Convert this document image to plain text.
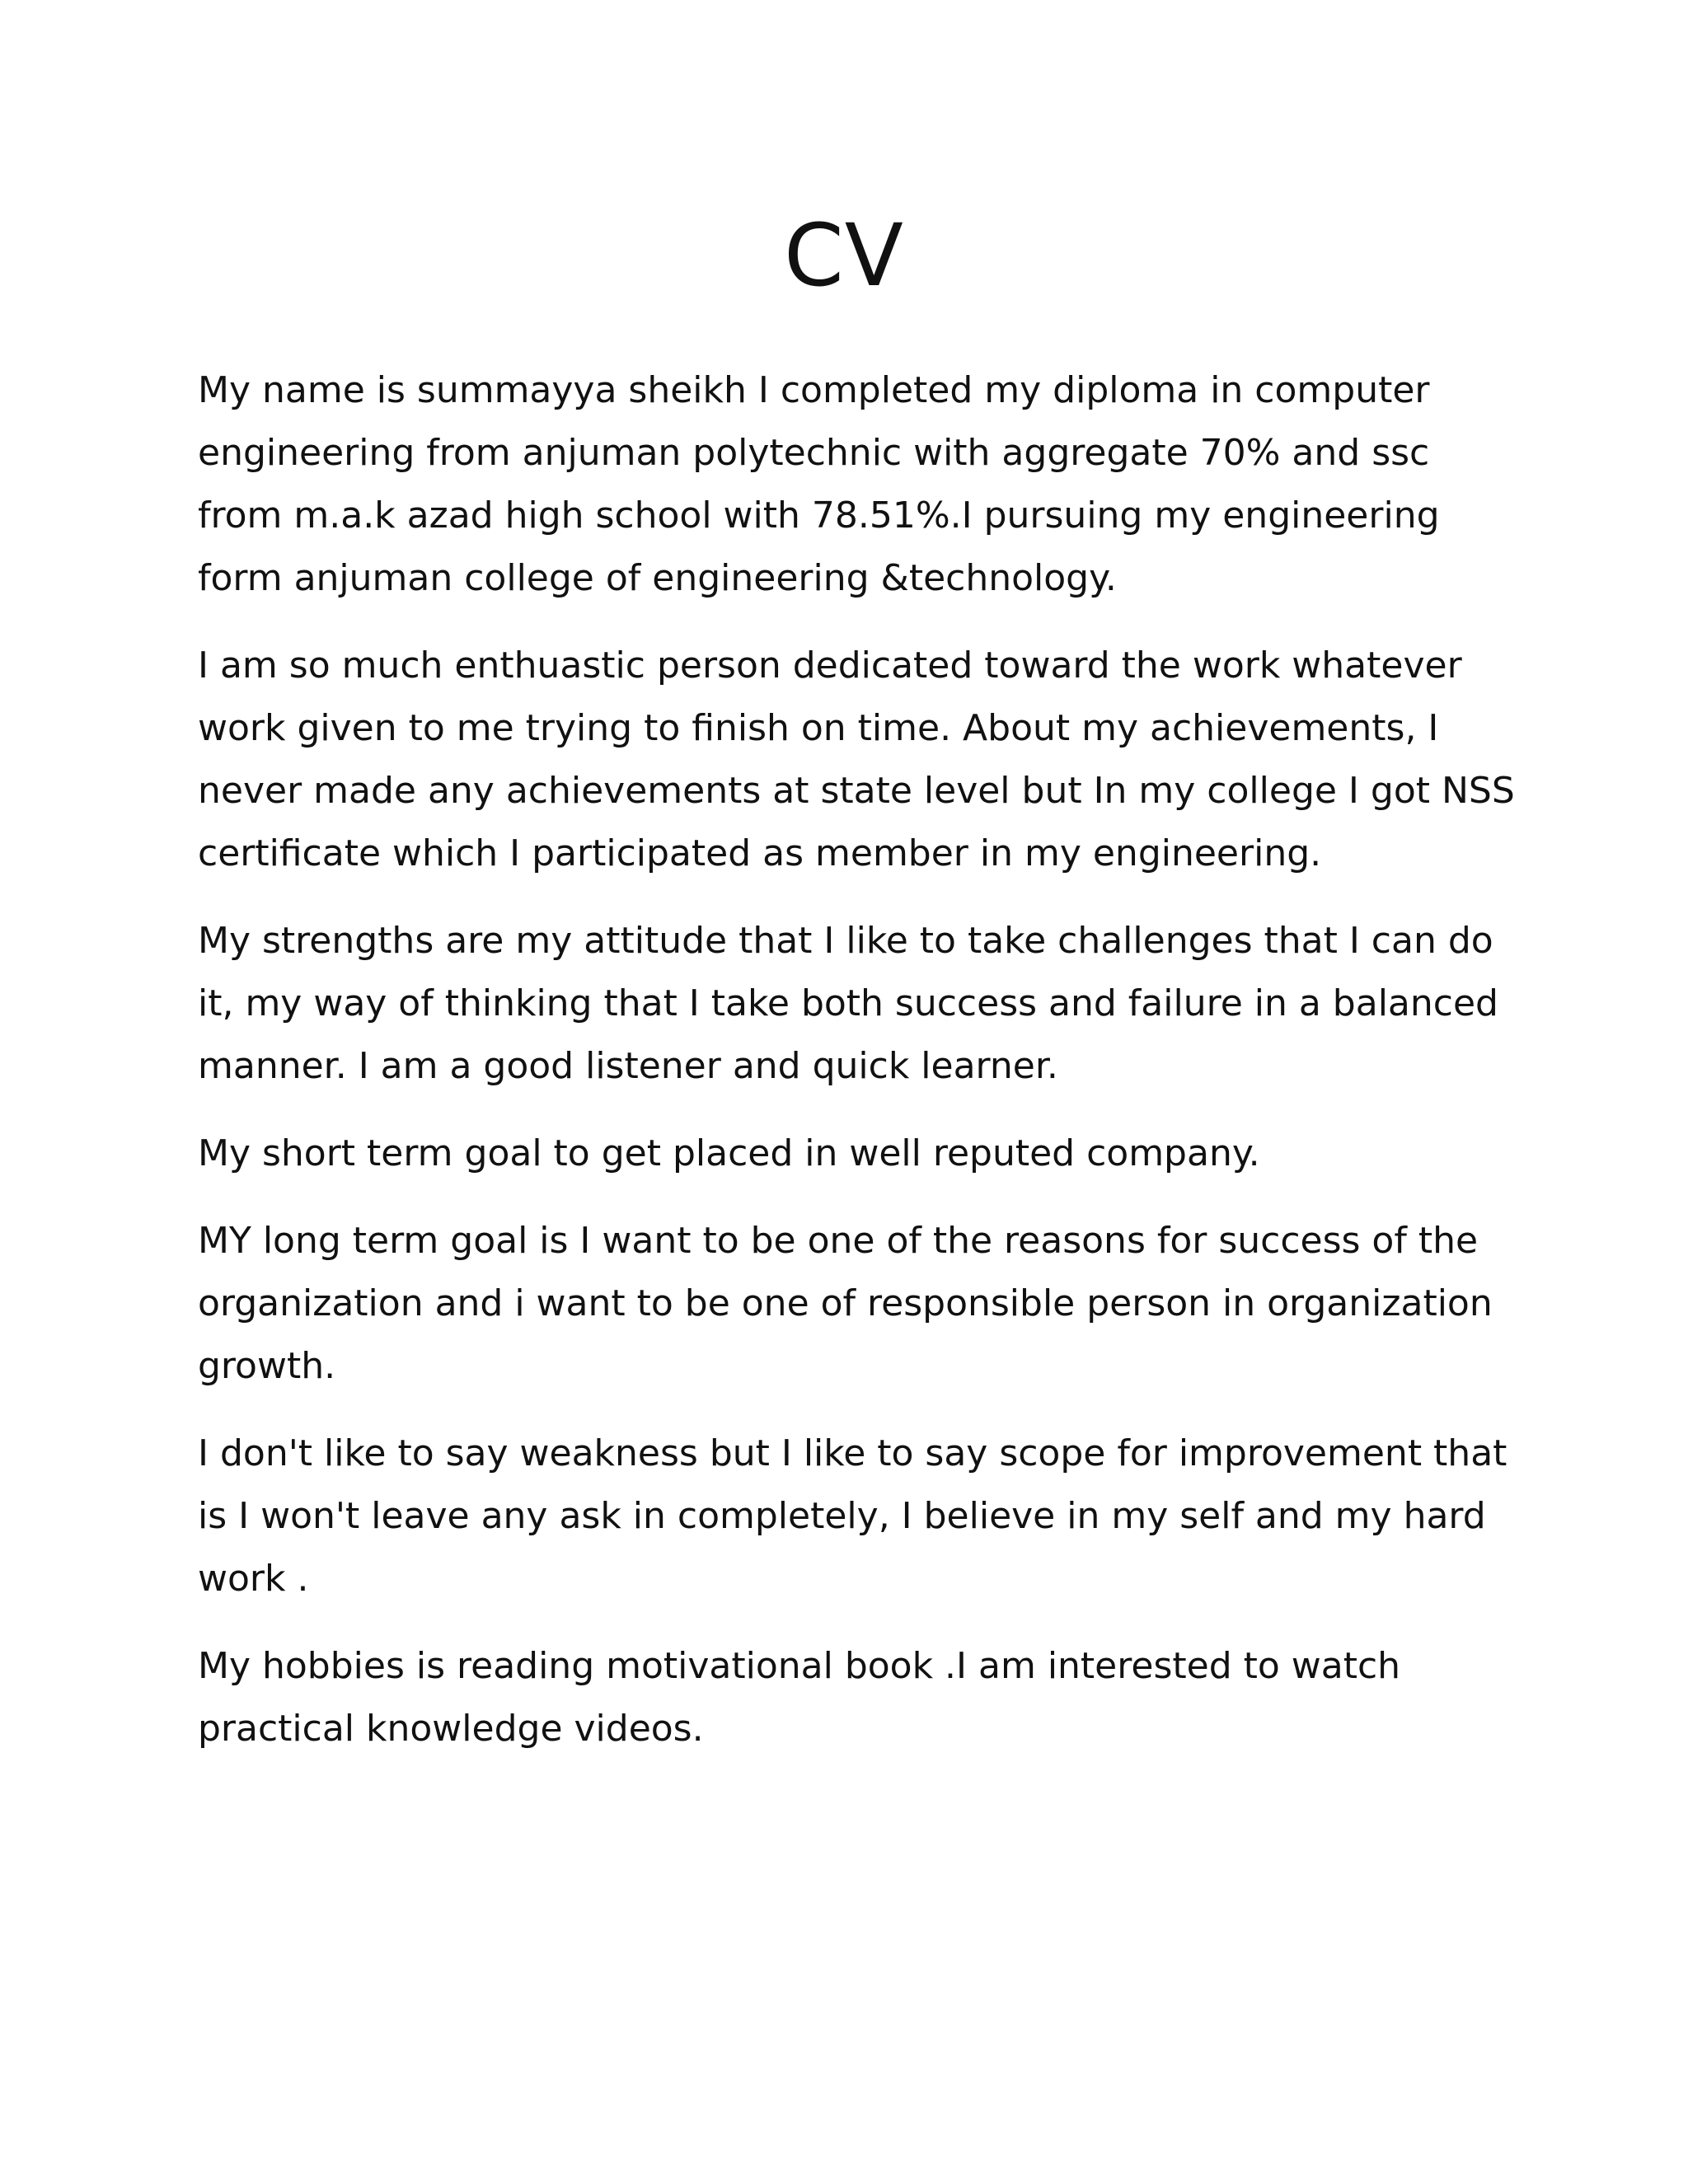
CV

My name is summayya sheikh I completed my diploma in computer
engineering from anjuman polytechnic with aggregate 70% and ssc
from m.a.k azad high school with 78.51%.I pursuing my engineering
form anjuman college of engineering &technology.

I am so much enthuastic person dedicated toward the work whatever
work given to me trying to finish on time. About my achievements, I
never made any achievements at state level but In my college I got NSS
certificate which I participated as member in my engineering.

My strengths are my attitude that I like to take challenges that I can do
it, my way of thinking that I take both success and failure in a balanced
manner. I am a good listener and quick learner.

My short term goal to get placed in well reputed company.

MY long term goal is I want to be one of the reasons for success of the
organization and i want to be one of responsible person in organization
growth.

I don't like to say weakness but I like to say scope for improvement that
is I won't leave any ask in completely, I believe in my self and my hard
work .

My hobbies is reading motivational book .I am interested to watch
practical knowledge videos.
